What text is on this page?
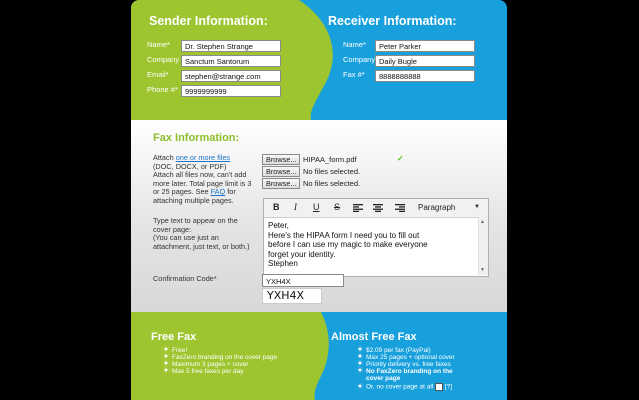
Sender Information:
Name*	Dr. Stephen Strange
Company Sanctum Santorum
Email*	stephen@strange.com
Phone #* 9999999999
Receiver Information:
Name*	Peter Parker
Company Daily Bugle
Fax #*	8888888888
Fax Information:
Attach one or more files
(DOC, DOCX, or PDF)
Attach all files now, can't add
more later. Total page limit is 3
or 25 pages. See FAQ for
attaching multiple pages.
Browse... HIPAA_form.pdf	✓
Browse... No files selected.
Browse... No files selected.
Type text to appear on the
cover page:
(You can use just an
attachment, just text, or both.)
B I U S	Paragraph	▼
Peter,
Here's the HIPAA form I need you to fill out
before I can use my magic to make everyone
forget your identity.
Stephen
▲
▼
Confirmation Code*	YXH4X
YXH4X
Free Fax
Free!
FaxZero branding on the cover page
Maximum 3 pages + cover
Max 5 free faxes per day
Almost Free Fax
$2.09 per fax (PayPal)
Max 25 pages + optional cover
Priority delivery vs. free faxes
No FaxZero branding on the
cover page
Or, no cover page at all [?]
